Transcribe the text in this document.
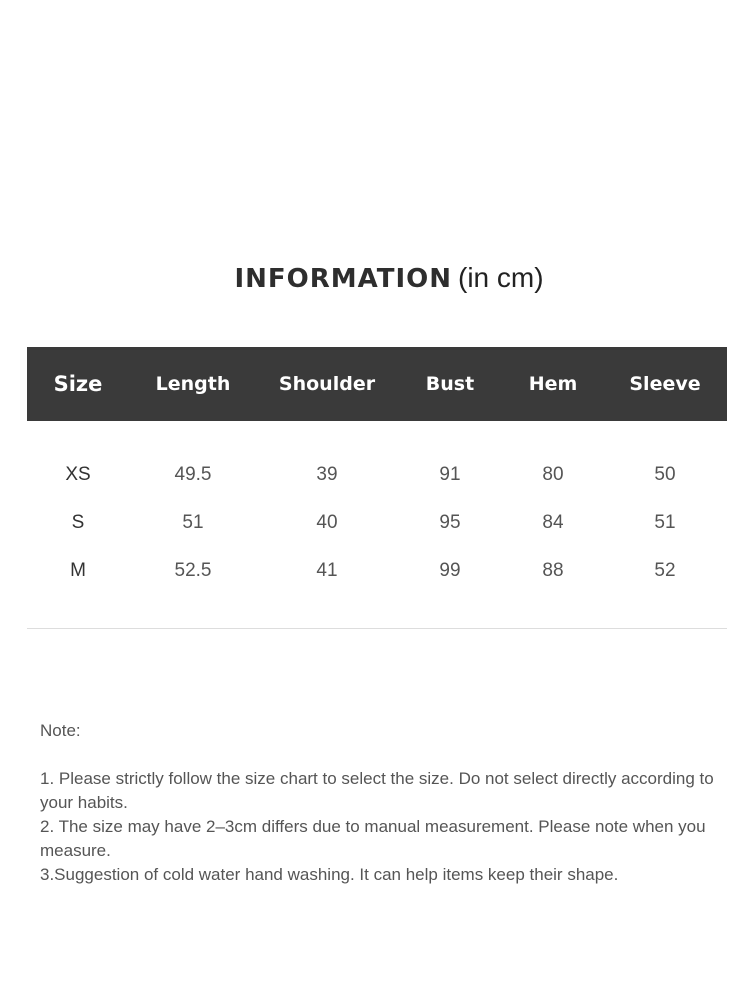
INFORMATION (in cm)
Size	Length	Shoulder	Bust	Hem	Sleeve
XS	49.5	39	91	80	50
S	51	40	95	84	51
M	52.5	41	99	88	52
Note:

1. Please strictly follow the size chart to select the size. Do not select directly according to your habits.

2. The size may have 2–3cm differs due to manual measurement. Please note when you measure.

3.Suggestion of cold water hand washing. It can help items keep their shape.
